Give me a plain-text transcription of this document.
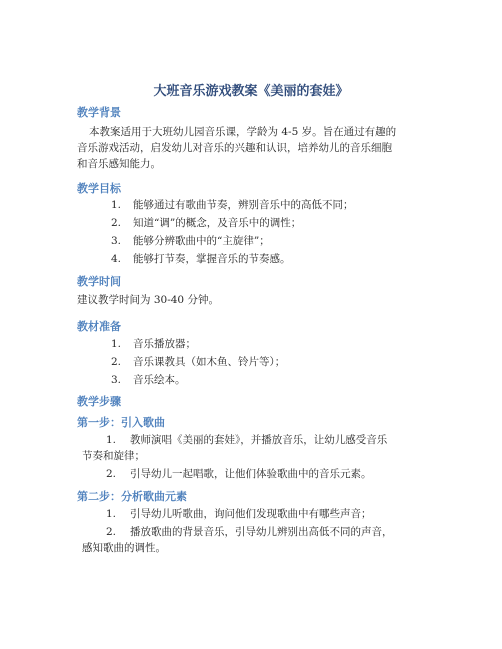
大班音乐游戏教案《美丽的套娃》
教学背景
本教案适用于大班幼儿园音乐课，学龄为 4-5 岁。旨在通过有趣的
音乐游戏活动，启发幼儿对音乐的兴趣和认识，培养幼儿的音乐细胞
和音乐感知能力。
教学目标
1. 能够通过有歌曲节奏，辨别音乐中的高低不同；
2. 知道“调”的概念，及音乐中的调性；
3. 能够分辨歌曲中的“主旋律”；
4. 能够打节奏，掌握音乐的节奏感。
教学时间
建议教学时间为 30-40 分钟。
教材准备
1. 音乐播放器；
2. 音乐课教具（如木鱼、铃片等）；
3. 音乐绘本。
教学步骤
第一步：引入歌曲
1. 教师演唱《美丽的套娃》，并播放音乐，让幼儿感受音乐
节奏和旋律；
2. 引导幼儿一起唱歌，让他们体验歌曲中的音乐元素。
第二步：分析歌曲元素
1. 引导幼儿听歌曲，询问他们发现歌曲中有哪些声音；
2. 播放歌曲的背景音乐，引导幼儿辨别出高低不同的声音，
感知歌曲的调性。
